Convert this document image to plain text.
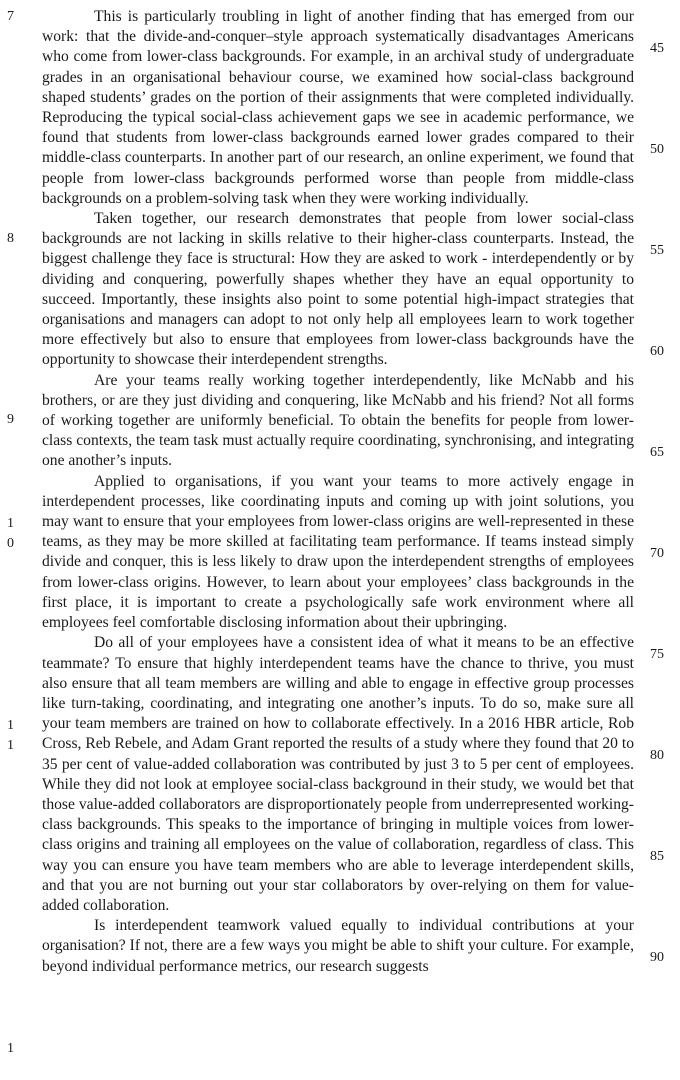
7
8
9
10
11
1
45
50
55
60
65
70
75
80
85
90

This is particularly troubling in light of another finding that has emerged from our work: that the divide-and-conquer–style approach systematically disadvantages Americans who come from lower-class backgrounds. For example, in an archival study of undergraduate grades in an organisational behaviour course, we examined how social-class background shaped students’ grades on the portion of their assignments that were completed individually. Reproducing the typical social-class achievement gaps we see in academic performance, we found that students from lower-class backgrounds earned lower grades compared to their middle-class counterparts. In another part of our research, an online experiment, we found that people from lower-class backgrounds performed worse than people from middle-class backgrounds on a problem-solving task when they were working individually.

Taken together, our research demonstrates that people from lower social-class backgrounds are not lacking in skills relative to their higher-class counterparts. Instead, the biggest challenge they face is structural: How they are asked to work - interdependently or by dividing and conquering, powerfully shapes whether they have an equal opportunity to succeed. Importantly, these insights also point to some potential high-impact strategies that organisations and managers can adopt to not only help all employees learn to work together more effectively but also to ensure that employees from lower-class backgrounds have the opportunity to showcase their interdependent strengths.

Are your teams really working together interdependently, like McNabb and his brothers, or are they just dividing and conquering, like McNabb and his friend? Not all forms of working together are uniformly beneficial. To obtain the benefits for people from lower-class contexts, the team task must actually require coordinating, synchronising, and integrating one another’s inputs.

Applied to organisations, if you want your teams to more actively engage in interdependent processes, like coordinating inputs and coming up with joint solutions, you may want to ensure that your employees from lower-class origins are well-represented in these teams, as they may be more skilled at facilitating team performance. If teams instead simply divide and conquer, this is less likely to draw upon the interdependent strengths of employees from lower-class origins. However, to learn about your employees’ class backgrounds in the first place, it is important to create a psychologically safe work environment where all employees feel comfortable disclosing information about their upbringing.

Do all of your employees have a consistent idea of what it means to be an effective teammate? To ensure that highly interdependent teams have the chance to thrive, you must also ensure that all team members are willing and able to engage in effective group processes like turn-taking, coordinating, and integrating one another’s inputs. To do so, make sure all your team members are trained on how to collaborate effectively. In a 2016 HBR article, Rob Cross, Reb Rebele, and Adam Grant reported the results of a study where they found that 20 to 35 per cent of value-added collaboration was contributed by just 3 to 5 per cent of employees. While they did not look at employee social-class background in their study, we would bet that those value-added collaborators are disproportionately people from underrepresented working-class backgrounds. This speaks to the importance of bringing in multiple voices from lower-class origins and training all employees on the value of collaboration, regardless of class. This way you can ensure you have team members who are able to leverage interdependent skills, and that you are not burning out your star collaborators by over-relying on them for value-added collaboration.

Is interdependent teamwork valued equally to individual contributions at your organisation? If not, there are a few ways you might be able to shift your culture. For example, beyond individual performance metrics, our research suggests
